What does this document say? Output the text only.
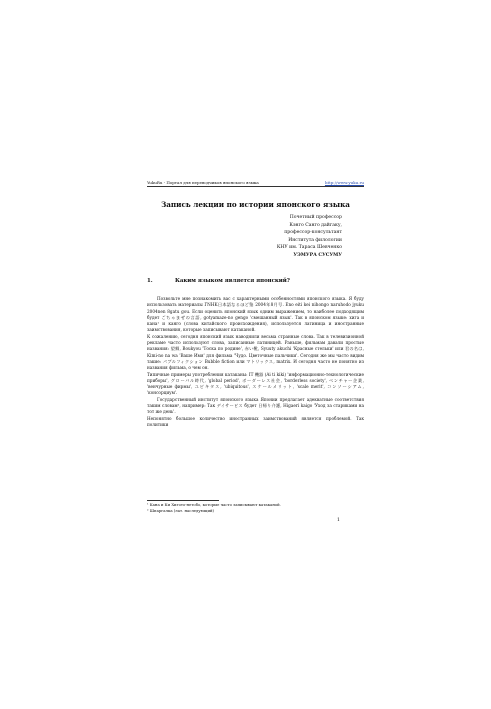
YukuRu - Портал для переводчиков японского языка	http://www.yuku.ru
Запись лекции по истории японского языка
Почетный профессор
Кэнго Санго дайгаку,
профессор-консультант
Института филологии
КНУ им. Тараса Шевченко
УЭМУРА СУСУМУ
1.	Каким языком является японский?

Позвольте мне познакомить вас с характерными особенностями японского языка. Я буду использовать материалы ГNHK日本語なるほど塾 2004年8月号. Eno eiti kei nihongo naruhodo jyuku 2004nen 8gatu gou. Если оценить японский язык одним выражением, то наиболее подходящим будет ごちゃまぜの言語, gotyamaze-no gengo 'смешанный язык'. Так в японском языке: хига и кана¹ и канго (слова китайского происхождения), используется латиница и иностранные заимствования, которые записывают катаканой.

К сожалению, сегодня японский язык наводнили весьма странные слова. Так в телевизионной рекламе часто используют слова, записанные латиницей. Раньше, фильмам давали простые названия: 望郷, Boukyou 'Тоска по родине', 赤い靴, Syuuty akuchi 'Красные стельки' или 君の名は, Kimi-no na wa 'Ваше Имя' для фильма 'Чудо. Цветочные пальчики'. Сегодня же мы часто видим такие: パブルフィクション Bubble fiction или マトリックス, matrix. И сегодня часто не понятно из названия фильма, о чем он.

Типичные примеры употребления катаканы: IT 機器 (Ai ti kiki) 'информационно-технологические приборы', グローバル時代, 'global period', ボーダーレス社会, 'borderless society', ベンチャー企業, 'венчурные фирмы', ユビキタス, 'ubiquitous', スケールメリット, 'scale merit', コンソーシアム, 'консорциум'.

Государственный институт японского языка Японии предлагает адекватные соответствия таким словам², например: Так デイサービス будет 日帰り介護, Higaeri kaigo 'Уход за стариками на тот же день'.

Непонятно большое количество иностранных заимствований является проблемой. Так политики

¹ Кана и Ки Хигото-нетобо, которые часто записывают катаканой.

² Шпаргалка (лат. наследующий)

1
